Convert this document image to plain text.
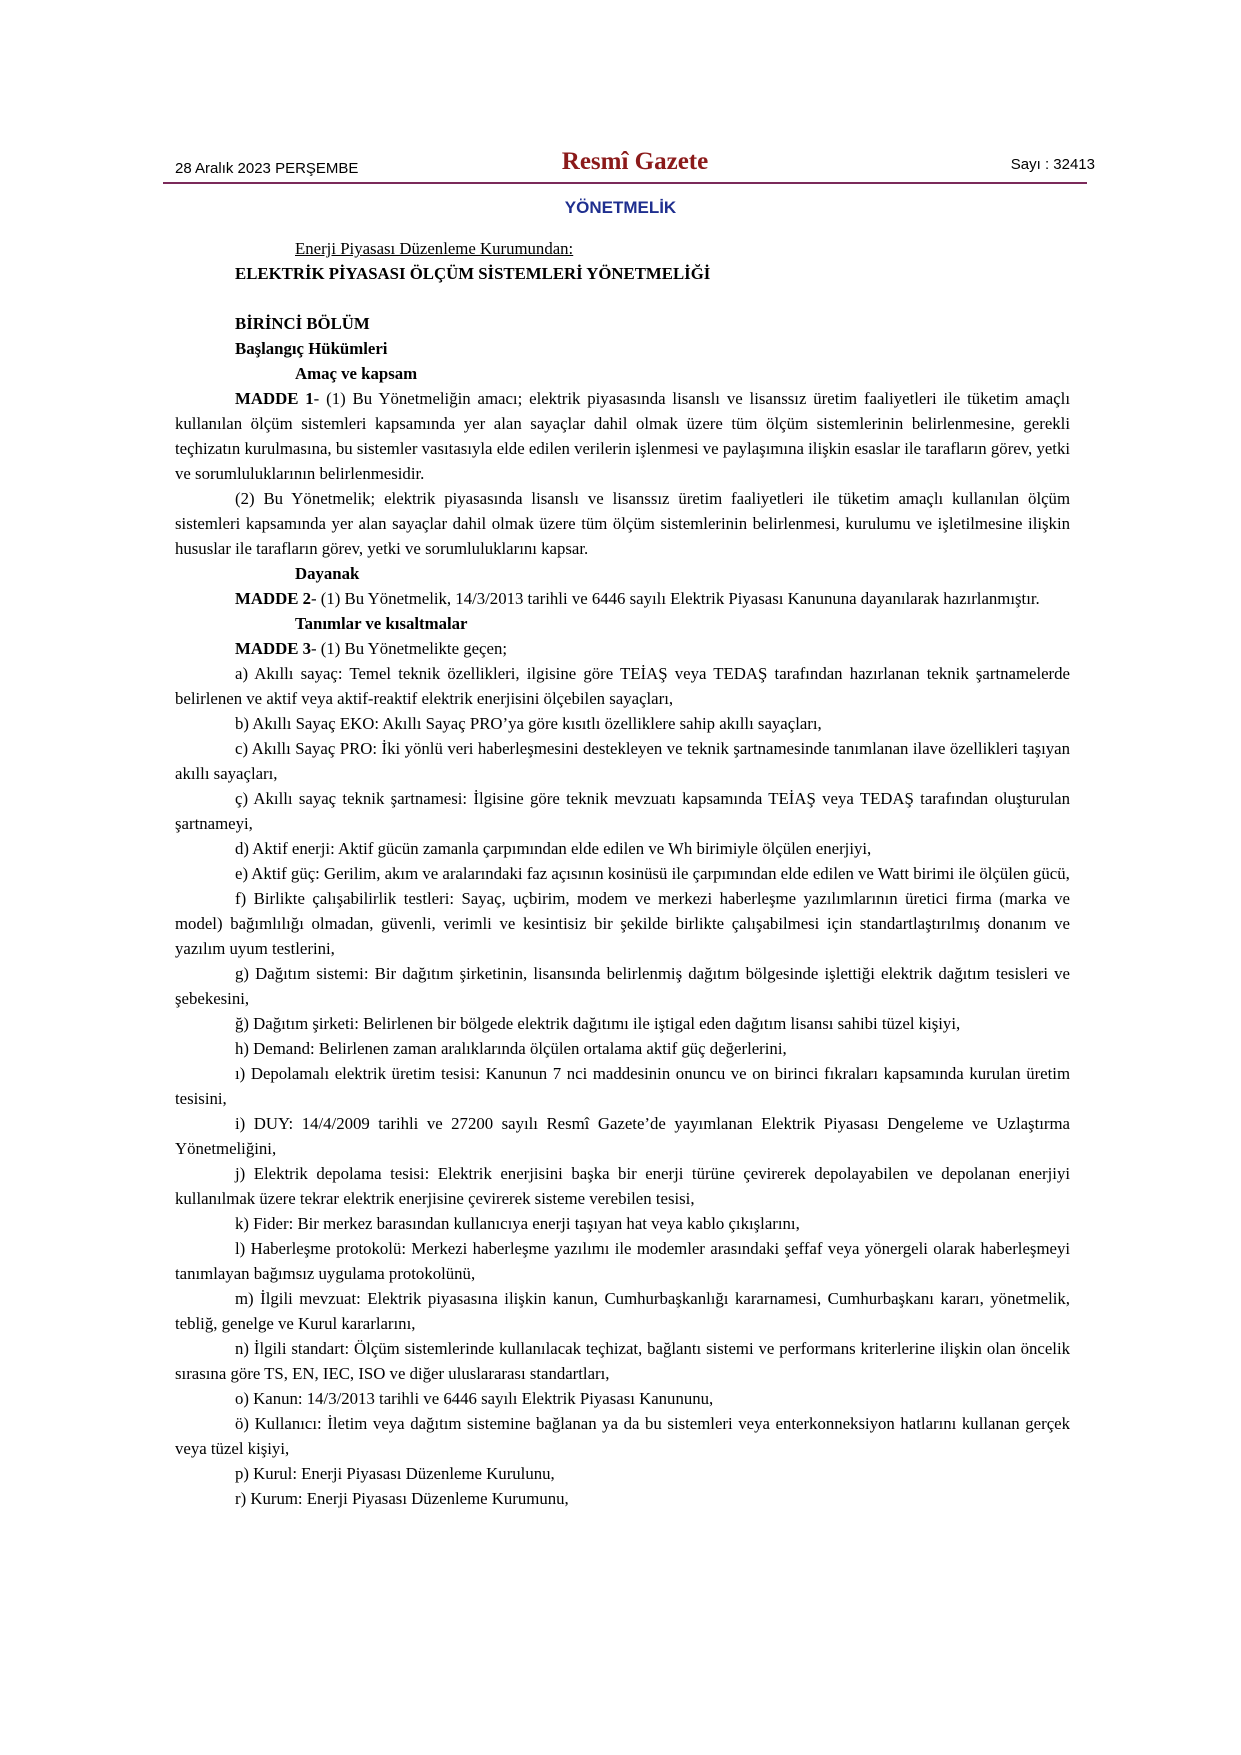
28 Aralık 2023 PERŞEMBE	Resmî Gazete	Sayı : 32413
YÖNETMELİK

Enerji Piyasası Düzenleme Kurumundan:

ELEKTRİK PİYASASI ÖLÇÜM SİSTEMLERİ YÖNETMELİĞİ

BİRİNCİ BÖLÜM

Başlangıç Hükümleri

Amaç ve kapsam

MADDE 1- (1) Bu Yönetmeliğin amacı; elektrik piyasasında lisanslı ve lisanssız üretim faaliyetleri ile tüketim amaçlı kullanılan ölçüm sistemleri kapsamında yer alan sayaçlar dahil olmak üzere tüm ölçüm sistemlerinin belirlenmesine, gerekli teçhizatın kurulmasına, bu sistemler vasıtasıyla elde edilen verilerin işlenmesi ve paylaşımına ilişkin esaslar ile tarafların görev, yetki ve sorumluluklarının belirlenmesidir.

(2) Bu Yönetmelik; elektrik piyasasında lisanslı ve lisanssız üretim faaliyetleri ile tüketim amaçlı kullanılan ölçüm sistemleri kapsamında yer alan sayaçlar dahil olmak üzere tüm ölçüm sistemlerinin belirlenmesi, kurulumu ve işletilmesine ilişkin hususlar ile tarafların görev, yetki ve sorumluluklarını kapsar.

Dayanak

MADDE 2- (1) Bu Yönetmelik, 14/3/2013 tarihli ve 6446 sayılı Elektrik Piyasası Kanununa dayanılarak hazırlanmıştır.

Tanımlar ve kısaltmalar

MADDE 3- (1) Bu Yönetmelikte geçen;

a) Akıllı sayaç: Temel teknik özellikleri, ilgisine göre TEİAŞ veya TEDAŞ tarafından hazırlanan teknik şartnamelerde belirlenen ve aktif veya aktif-reaktif elektrik enerjisini ölçebilen sayaçları,

b) Akıllı Sayaç EKO: Akıllı Sayaç PRO’ya göre kısıtlı özelliklere sahip akıllı sayaçları,

c) Akıllı Sayaç PRO: İki yönlü veri haberleşmesini destekleyen ve teknik şartnamesinde tanımlanan ilave özellikleri taşıyan akıllı sayaçları,

ç) Akıllı sayaç teknik şartnamesi: İlgisine göre teknik mevzuatı kapsamında TEİAŞ veya TEDAŞ tarafından oluşturulan şartnameyi,

d) Aktif enerji: Aktif gücün zamanla çarpımından elde edilen ve Wh birimiyle ölçülen enerjiyi,

e) Aktif güç: Gerilim, akım ve aralarındaki faz açısının kosinüsü ile çarpımından elde edilen ve Watt birimi ile ölçülen gücü,

f) Birlikte çalışabilirlik testleri: Sayaç, uçbirim, modem ve merkezi haberleşme yazılımlarının üretici firma (marka ve model) bağımlılığı olmadan, güvenli, verimli ve kesintisiz bir şekilde birlikte çalışabilmesi için standartlaştırılmış donanım ve yazılım uyum testlerini,

g) Dağıtım sistemi: Bir dağıtım şirketinin, lisansında belirlenmiş dağıtım bölgesinde işlettiği elektrik dağıtım tesisleri ve şebekesini,

ğ) Dağıtım şirketi: Belirlenen bir bölgede elektrik dağıtımı ile iştigal eden dağıtım lisansı sahibi tüzel kişiyi,

h) Demand: Belirlenen zaman aralıklarında ölçülen ortalama aktif güç değerlerini,

ı) Depolamalı elektrik üretim tesisi: Kanunun 7 nci maddesinin onuncu ve on birinci fıkraları kapsamında kurulan üretim tesisini,

i) DUY: 14/4/2009 tarihli ve 27200 sayılı Resmî Gazete’de yayımlanan Elektrik Piyasası Dengeleme ve Uzlaştırma Yönetmeliğini,

j) Elektrik depolama tesisi: Elektrik enerjisini başka bir enerji türüne çevirerek depolayabilen ve depolanan enerjiyi kullanılmak üzere tekrar elektrik enerjisine çevirerek sisteme verebilen tesisi,

k) Fider: Bir merkez barasından kullanıcıya enerji taşıyan hat veya kablo çıkışlarını,

l) Haberleşme protokolü: Merkezi haberleşme yazılımı ile modemler arasındaki şeffaf veya yönergeli olarak haberleşmeyi tanımlayan bağımsız uygulama protokolünü,

m) İlgili mevzuat: Elektrik piyasasına ilişkin kanun, Cumhurbaşkanlığı kararnamesi, Cumhurbaşkanı kararı, yönetmelik, tebliğ, genelge ve Kurul kararlarını,

n) İlgili standart: Ölçüm sistemlerinde kullanılacak teçhizat, bağlantı sistemi ve performans kriterlerine ilişkin olan öncelik sırasına göre TS, EN, IEC, ISO ve diğer uluslararası standartları,

o) Kanun: 14/3/2013 tarihli ve 6446 sayılı Elektrik Piyasası Kanununu,

ö) Kullanıcı: İletim veya dağıtım sistemine bağlanan ya da bu sistemleri veya enterkonneksiyon hatlarını kullanan gerçek veya tüzel kişiyi,

p) Kurul: Enerji Piyasası Düzenleme Kurulunu,

r) Kurum: Enerji Piyasası Düzenleme Kurumunu,
